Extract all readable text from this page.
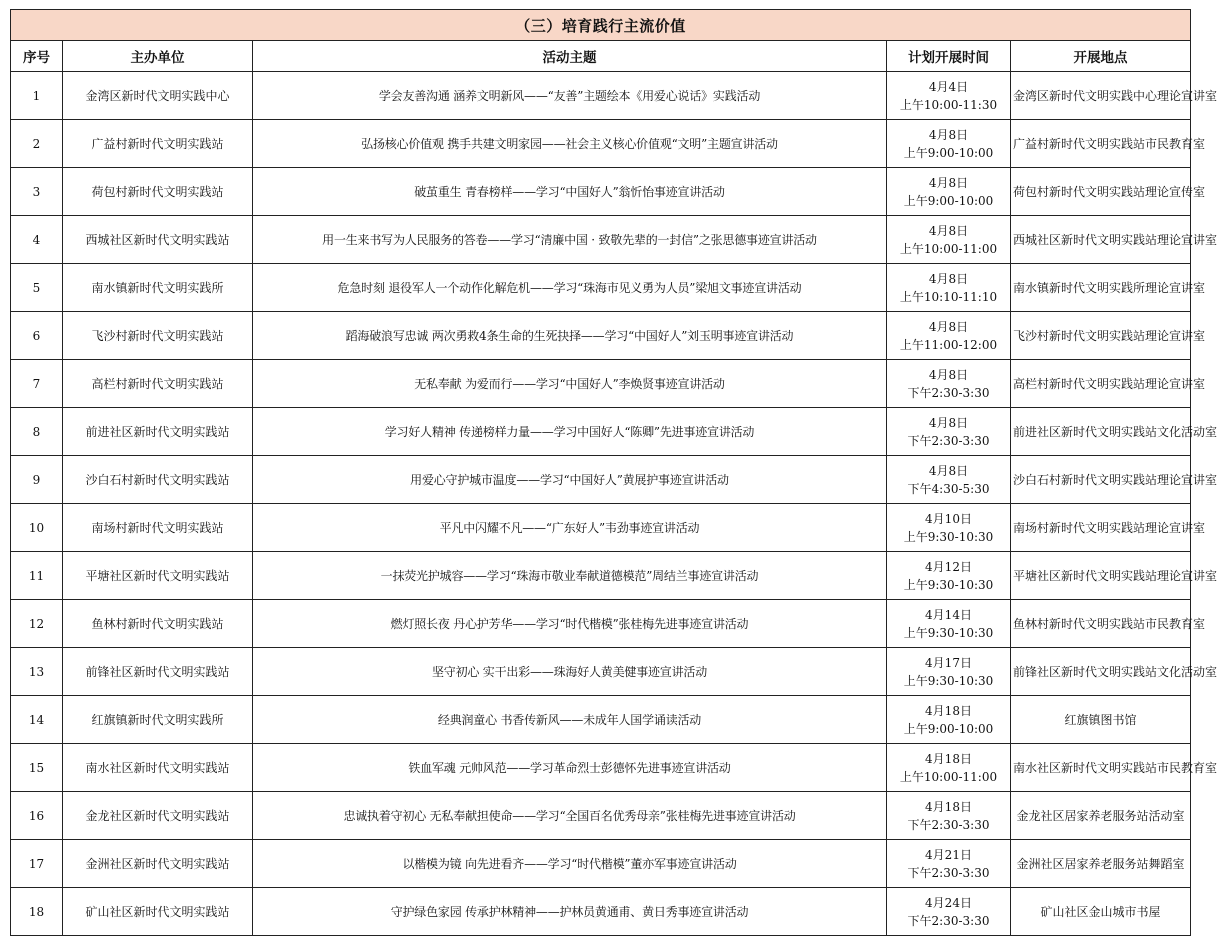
（三）培育践行主流价值				
序号	主办单位	活动主题	计划开展时间	开展地点
1	金湾区新时代文明实践中心	学会友善沟通 涵养文明新风——“友善”主题绘本《用爱心说话》实践活动	4月4日
上午10:00-11:30	金湾区新时代文明实践中心理论宣讲室
2	广益村新时代文明实践站	弘扬核心价值观 携手共建文明家园——社会主义核心价值观“文明”主题宣讲活动	4月8日
上午9:00-10:00	广益村新时代文明实践站市民教育室
3	荷包村新时代文明实践站	破茧重生 青春榜样——学习“中国好人”翁忻怡事迹宣讲活动	4月8日
上午9:00-10:00	荷包村新时代文明实践站理论宣传室
4	西城社区新时代文明实践站	用一生来书写为人民服务的答卷——学习“清廉中国 · 致敬先辈的一封信”之张思德事迹宣讲活动	4月8日
上午10:00-11:00	西城社区新时代文明实践站理论宣讲室
5	南水镇新时代文明实践所	危急时刻 退役军人一个动作化解危机——学习“珠海市见义勇为人员”梁旭文事迹宣讲活动	4月8日
上午10:10-11:10	南水镇新时代文明实践所理论宣讲室
6	飞沙村新时代文明实践站	蹈海破浪写忠诚 两次勇救4条生命的生死抉择——学习“中国好人”刘玉明事迹宣讲活动	4月8日
上午11:00-12:00	飞沙村新时代文明实践站理论宣讲室
7	高栏村新时代文明实践站	无私奉献 为爱而行——学习“中国好人”李焕贤事迹宣讲活动	4月8日
下午2:30-3:30	高栏村新时代文明实践站理论宣讲室
8	前进社区新时代文明实践站	学习好人精神 传递榜样力量——学习中国好人“陈卿”先进事迹宣讲活动	4月8日
下午2:30-3:30	前进社区新时代文明实践站文化活动室
9	沙白石村新时代文明实践站	用爱心守护城市温度——学习“中国好人”黄展护事迹宣讲活动	4月8日
下午4:30-5:30	沙白石村新时代文明实践站理论宣讲室
10	南场村新时代文明实践站	平凡中闪耀不凡——“广东好人”韦劲事迹宣讲活动	4月10日
上午9:30-10:30	南场村新时代文明实践站理论宣讲室
11	平塘社区新时代文明实践站	一抹荧光护城容——学习“珠海市敬业奉献道德模范”周结兰事迹宣讲活动	4月12日
上午9:30-10:30	平塘社区新时代文明实践站理论宣讲室
12	鱼林村新时代文明实践站	燃灯照长夜 丹心护芳华——学习“时代楷模”张桂梅先进事迹宣讲活动	4月14日
上午9:30-10:30	鱼林村新时代文明实践站市民教育室
13	前锋社区新时代文明实践站	坚守初心 实干出彩——珠海好人黄美健事迹宣讲活动	4月17日
上午9:30-10:30	前锋社区新时代文明实践站文化活动室
14	红旗镇新时代文明实践所	经典润童心 书香传新风——未成年人国学诵读活动	4月18日
上午9:00-10:00	红旗镇图书馆
15	南水社区新时代文明实践站	铁血军魂 元帅风范——学习革命烈士彭德怀先进事迹宣讲活动	4月18日
上午10:00-11:00	南水社区新时代文明实践站市民教育室
16	金龙社区新时代文明实践站	忠诚执着守初心 无私奉献担使命——学习“全国百名优秀母亲”张桂梅先进事迹宣讲活动	4月18日
下午2:30-3:30	金龙社区居家养老服务站活动室
17	金洲社区新时代文明实践站	以楷模为镜 向先进看齐——学习“时代楷模”董亦军事迹宣讲活动	4月21日
下午2:30-3:30	金洲社区居家养老服务站舞蹈室
18	矿山社区新时代文明实践站	守护绿色家园 传承护林精神——护林员黄通甫、黄日秀事迹宣讲活动	4月24日
下午2:30-3:30	矿山社区金山城市书屋
